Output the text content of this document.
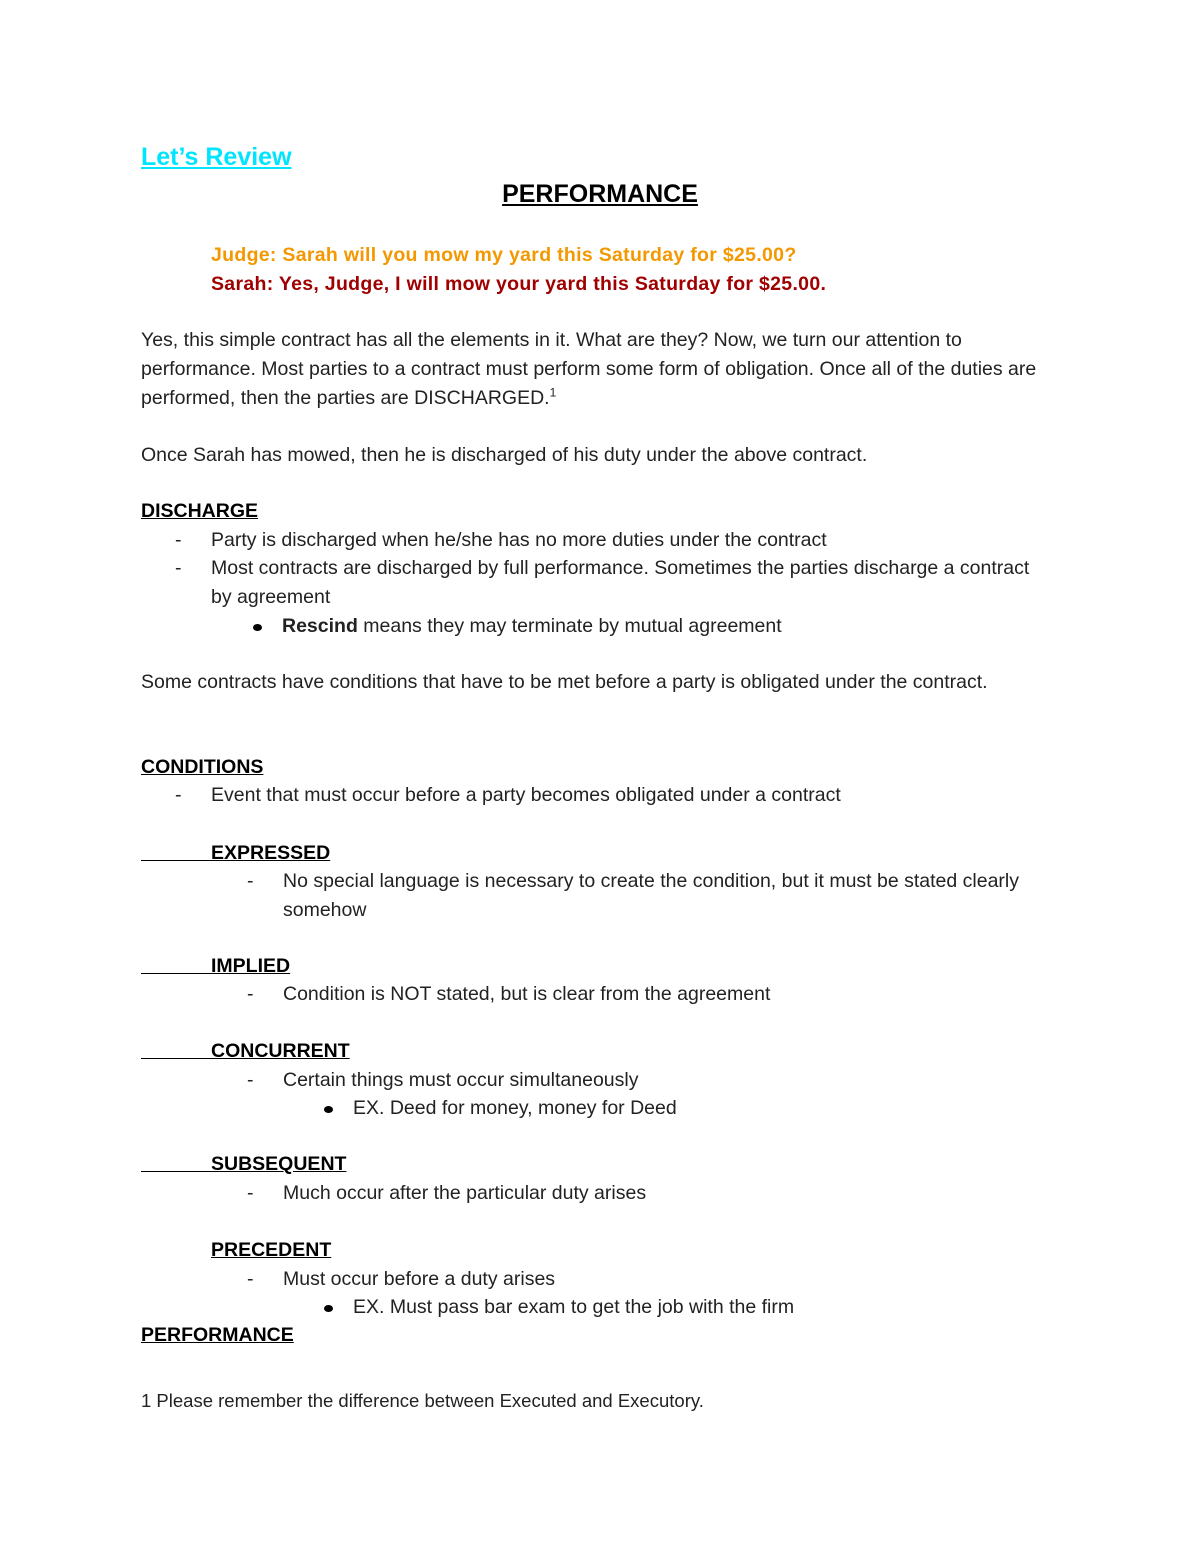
Let’s Review
PERFORMANCE
Judge: Sarah will you mow my yard this Saturday for $25.00?
Sarah: Yes, Judge, I will mow your yard this Saturday for $25.00.
Yes, this simple contract has all the elements in it. What are they? Now, we turn our attention to performance. Most parties to a contract must perform some form of obligation. Once all of the duties are performed, then the parties are DISCHARGED.$^1$
Once Sarah has mowed, then he is discharged of his duty under the above contract.
DISCHARGE
- Party is discharged when he/she has no more duties under the contract
- Most contracts are discharged by full performance. Sometimes the parties discharge a contract by agreement
Rescind means they may terminate by mutual agreement
Some contracts have conditions that have to be met before a party is obligated under the contract.
CONDITIONS
- Event that must occur before a party becomes obligated under a contract
EXPRESSED
- No special language is necessary to create the condition, but it must be stated clearly somehow
IMPLIED
- Condition is NOT stated, but is clear from the agreement
CONCURRENT
- Certain things must occur simultaneously
EX. Deed for money, money for Deed
SUBSEQUENT
- Much occur after the particular duty arises
PRECEDENT
- Must occur before a duty arises
EX. Must pass bar exam to get the job with the firm
PERFORMANCE
1 Please remember the difference between Executed and Executory.
